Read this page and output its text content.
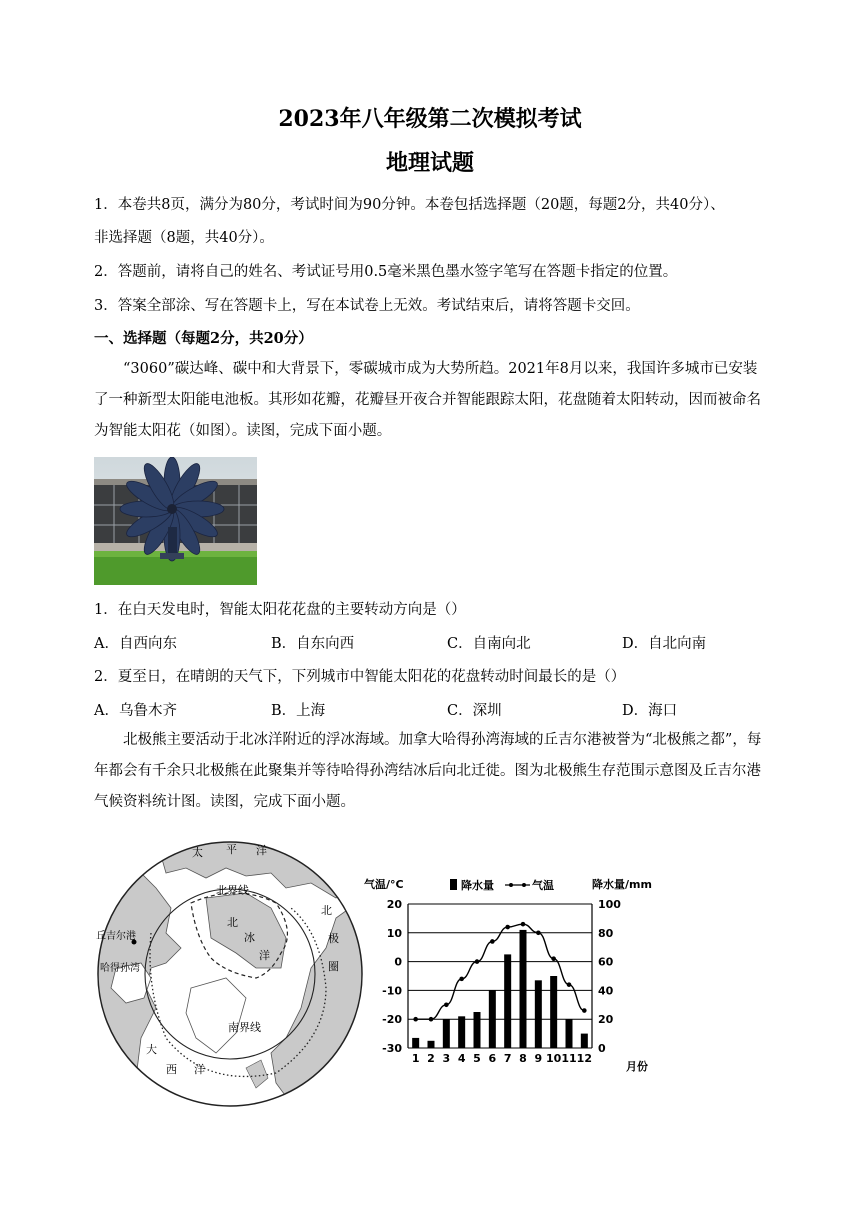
2023年八年级第二次模拟考试
地理试题
1．本卷共8页，满分为80分，考试时间为90分钟。本卷包括选择题（20题，每题2分，共40分）、
非选择题（8题，共40分）。
2．答题前，请将自己的姓名、考试证号用0.5毫米黑色墨水签字笔写在答题卡指定的位置。
3．答案全部涂、写在答题卡上，写在本试卷上无效。考试结束后，请将答题卡交回。
一、选择题（每题2分，共20分）
“3060”碳达峰、碳中和大背景下，零碳城市成为大势所趋。2021年8月以来，我国许多城市已安装了一种新型太阳能电池板。其形如花瓣，花瓣昼开夜合并智能跟踪太阳，花盘随着太阳转动，因而被命名为智能太阳花（如图）。读图，完成下面小题。
1．在白天发电时，智能太阳花花盘的主要转动方向是（）
A．自西向东	B．自东向西	C．自南向北	D．自北向南
2．夏至日，在晴朗的天气下，下列城市中智能太阳花的花盘转动时间最长的是（）
A．乌鲁木齐	B．上海	C．深圳	D．海口
北极熊主要活动于北冰洋附近的浮冰海域。加拿大哈得孙湾海域的丘吉尔港被誉为“北极熊之都”，每年都会有千余只北极熊在此聚集并等待哈得孙湾结冰后向北迁徙。图为北极熊生存范围示意图及丘吉尔港气候资料统计图。读图，完成下面小题。
太 平 洋
北界线
北
冰
洋
北
极
圈
丘吉尔港
哈得孙湾
南界线
大
西 洋
气温/°C	降水量/mm
降水量	气温
月份
20	100
10	80
0	60
-10	40
-20	20
-30	0
1 2 3 4 5 6 7 8 9 10 11 12
